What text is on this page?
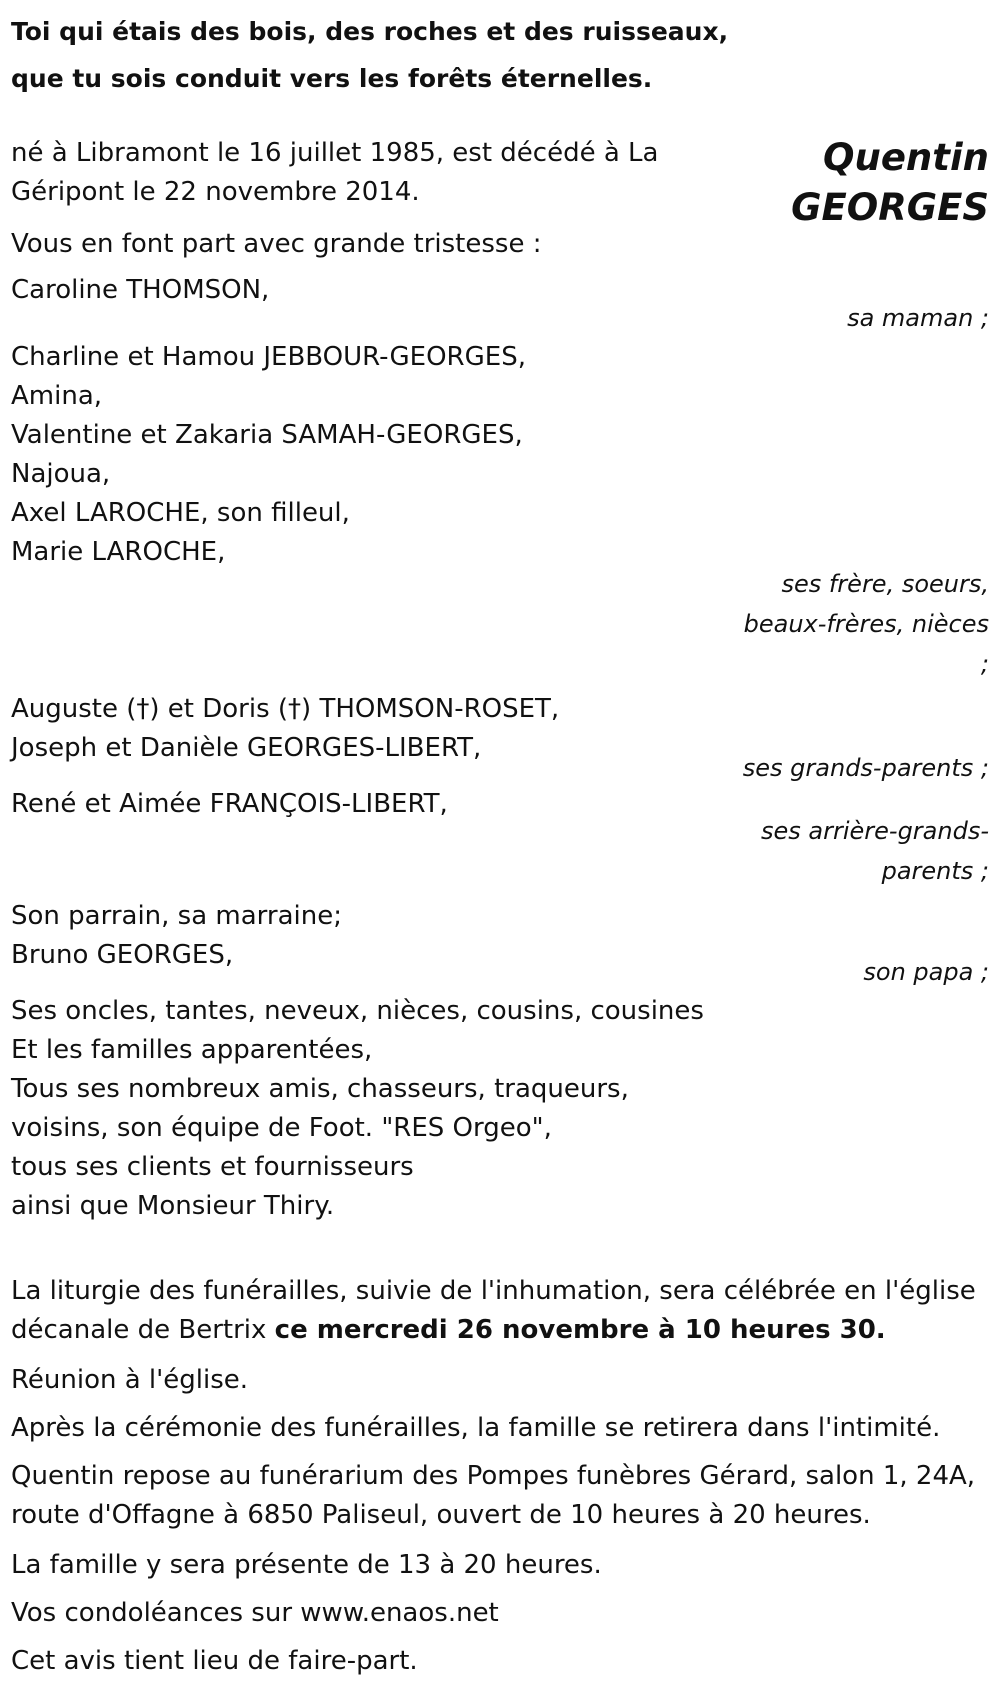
Toi qui étais des bois, des roches et des ruisseaux,
que tu sois conduit vers les forêts éternelles.
Quentin
GEORGES
né à Libramont le 16 juillet 1985, est décédé à La
Géripont le 22 novembre 2014.
Vous en font part avec grande tristesse :
Caroline THOMSON,
sa maman ;
Charline et Hamou JEBBOUR-GEORGES,
Amina,
Valentine et Zakaria SAMAH-GEORGES,
Najoua,
Axel LAROCHE, son filleul,
Marie LAROCHE,
ses frère, soeurs,
beaux-frères, nièces
;
Auguste (†) et Doris (†) THOMSON-ROSET,
Joseph et Danièle GEORGES-LIBERT,
ses grands-parents ;
René et Aimée FRANÇOIS-LIBERT,
ses arrière-grands-
parents ;
Son parrain, sa marraine;
Bruno GEORGES,
son papa ;
Ses oncles, tantes, neveux, nièces, cousins, cousines
Et les familles apparentées,
Tous ses nombreux amis, chasseurs, traqueurs,
voisins, son équipe de Foot. "RES Orgeo",
tous ses clients et fournisseurs
ainsi que Monsieur Thiry.
La liturgie des funérailles, suivie de l'inhumation, sera célébrée en l'église
décanale de Bertrix ce mercredi 26 novembre à 10 heures 30.
Réunion à l'église.
Après la cérémonie des funérailles, la famille se retirera dans l'intimité.
Quentin repose au funérarium des Pompes funèbres Gérard, salon 1, 24A,
route d'Offagne à 6850 Paliseul, ouvert de 10 heures à 20 heures.
La famille y sera présente de 13 à 20 heures.
Vos condoléances sur www.enaos.net
Cet avis tient lieu de faire-part.
